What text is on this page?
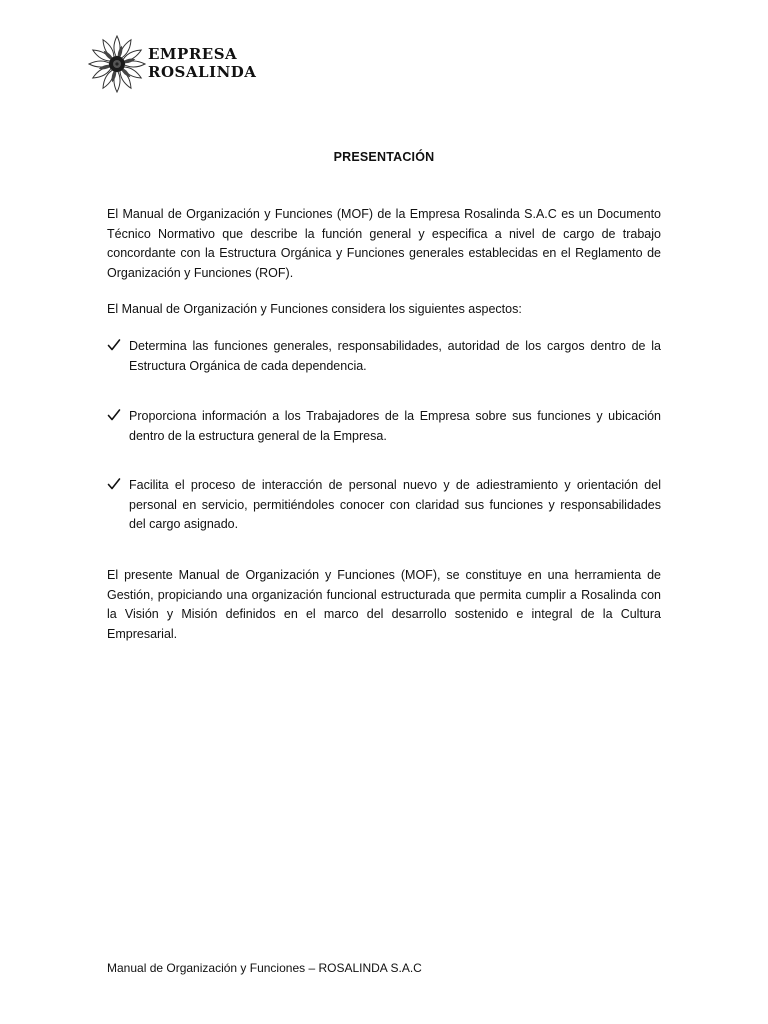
EMPRESA
ROSALINDA
PRESENTACIÓN

El Manual de Organización y Funciones (MOF) de la Empresa Rosalinda S.A.C es un Documento Técnico Normativo que describe la función general y especifica a nivel de cargo de trabajo concordante con la Estructura Orgánica y Funciones generales establecidas en el Reglamento de Organización y Funciones (ROF).

El Manual de Organización y Funciones considera los siguientes aspectos:

Determina las funciones generales, responsabilidades, autoridad de los cargos dentro de la Estructura Orgánica de cada dependencia.
Proporciona información a los Trabajadores de la Empresa sobre sus funciones y ubicación dentro de la estructura general de la Empresa.
Facilita el proceso de interacción de personal nuevo y de adiestramiento y orientación del personal en servicio, permitiéndoles conocer con claridad sus funciones y responsabilidades del cargo asignado.

El presente Manual de Organización y Funciones (MOF), se constituye en una herramienta de Gestión, propiciando una organización funcional estructurada que permita cumplir a Rosalinda con la Visión y Misión definidos en el marco del desarrollo sostenido e integral de la Cultura Empresarial.

Manual de Organización y Funciones – ROSALINDA S.A.C
